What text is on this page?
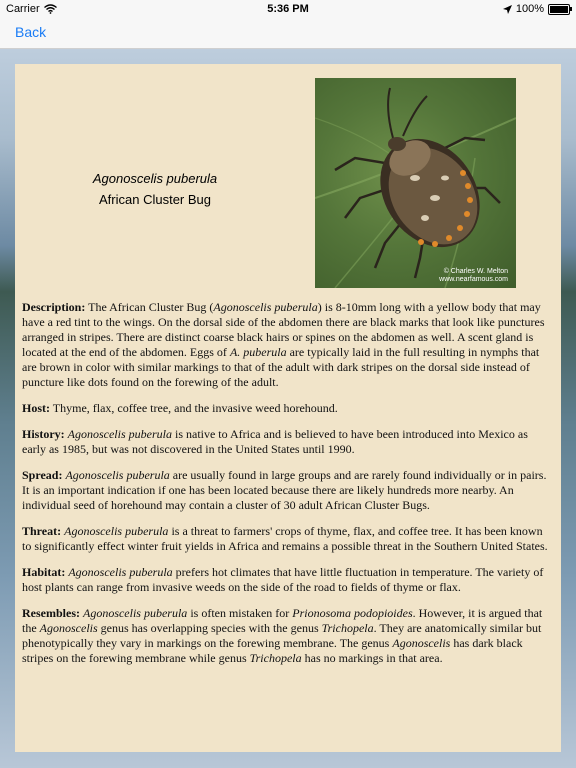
Carrier	5:36 PM	100%
Back
Agonoscelis puberula
African Cluster Bug
© Charles W. Melton
www.nearfamous.com

Description: The African Cluster Bug (Agonoscelis puberula) is 8-10mm long with a yellow body that may have a red tint to the wings. On the dorsal side of the abdomen there are black marks that look like punctures arranged in stripes. There are distinct coarse black hairs or spines on the abdomen as well. A scent gland is located at the end of the abdomen. Eggs of A. puberula are typically laid in the full resulting in nymphs that are brown in color with similar markings to that of the adult with dark stripes on the dorsal side instead of puncture like dots found on the forewing of the adult.

Host: Thyme, flax, coffee tree, and the invasive weed horehound.

History: Agonoscelis puberula is native to Africa and is believed to have been introduced into Mexico as early as 1985, but was not discovered in the United States until 1990.

Spread: Agonoscelis puberula are usually found in large groups and are rarely found individually or in pairs. It is an important indication if one has been located because there are likely hundreds more nearby. An individual seed of horehound may contain a cluster of 30 adult African Cluster Bugs.

Threat: Agonoscelis puberula is a threat to farmers' crops of thyme, flax, and coffee tree. It has been known to significantly effect winter fruit yields in Africa and remains a possible threat in the Southern United States.

Habitat: Agonoscelis puberula prefers hot climates that have little fluctuation in temperature. The variety of host plants can range from invasive weeds on the side of the road to fields of thyme or flax.

Resembles: Agonoscelis puberula is often mistaken for Prionosoma podopioides. However, it is argued that the Agonoscelis genus has overlapping species with the genus Trichopela. They are anatomically similar but phenotypically they vary in markings on the forewing membrane. The genus Agonoscelis has dark black stripes on the forewing membrane while genus Trichopela has no markings in that area.
